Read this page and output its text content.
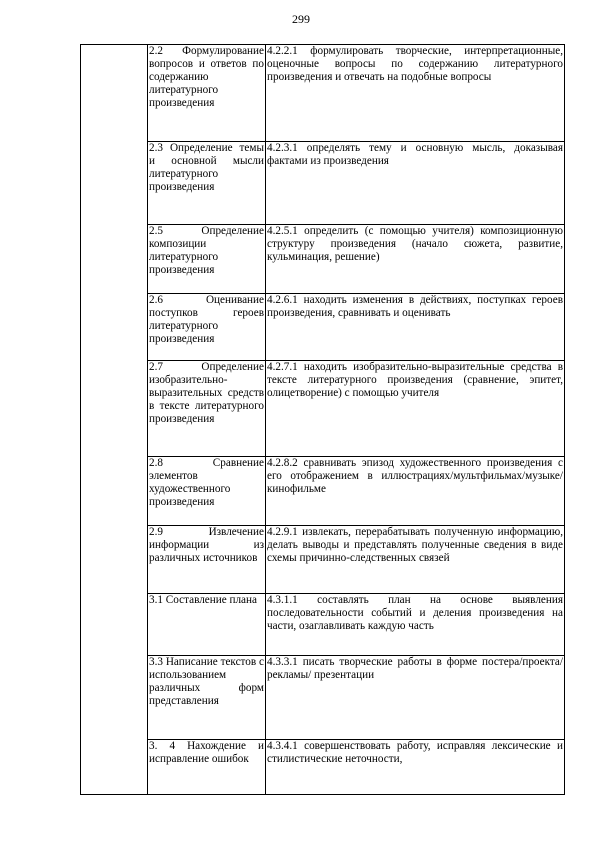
299

	2.2 Формулирование вопросов и ответов по содержанию литературного произведения	4.2.2.1 формулировать творческие, интерпретационные, оценочные вопросы по содержанию литературного произведения и отвечать на подобные вопросы

	2.3 Определение темы и основной мысли литературного произведения	4.2.3.1 определять тему и основную мысль, доказывая фактами из произведения

	2.5 Определение композиции литературного произведения	4.2.5.1 определить (с помощью учителя) композиционную структуру произведения (начало сюжета, развитие, кульминация, решение)

	2.6 Оценивание поступков героев литературного произведения	4.2.6.1 находить изменения в действиях, поступках героев произведения, сравнивать и оценивать

	2.7 Определение изобразительно-выразительных средств в тексте литературного произведения	4.2.7.1 находить изобразительно-выразительные средства в тексте литературного произведения (сравнение, эпитет, олицетворение) с помощью учителя

	2.8 Сравнение элементов художественного произведения	4.2.8.2 сравнивать эпизод художественного произведения с его отображением в иллюстрациях/мультфильмах/музыке/кинофильме

	2.9 Извлечение информации из различных источников	4.2.9.1 извлекать, перерабатывать полученную информацию, делать выводы и представлять полученные сведения в виде схемы причинно-следственных связей

	3.1 Составление плана	4.3.1.1 составлять план на основе выявления последовательности событий и деления произведения на части, озаглавливать каждую часть

	3.3 Написание текстов с использованием различных форм представления	4.3.3.1 писать творческие работы в форме постера/проекта/рекламы/ презентации

	3. 4 Нахождение и исправление ошибок	4.3.4.1 совершенствовать работу, исправляя лексические и стилистические неточности,
